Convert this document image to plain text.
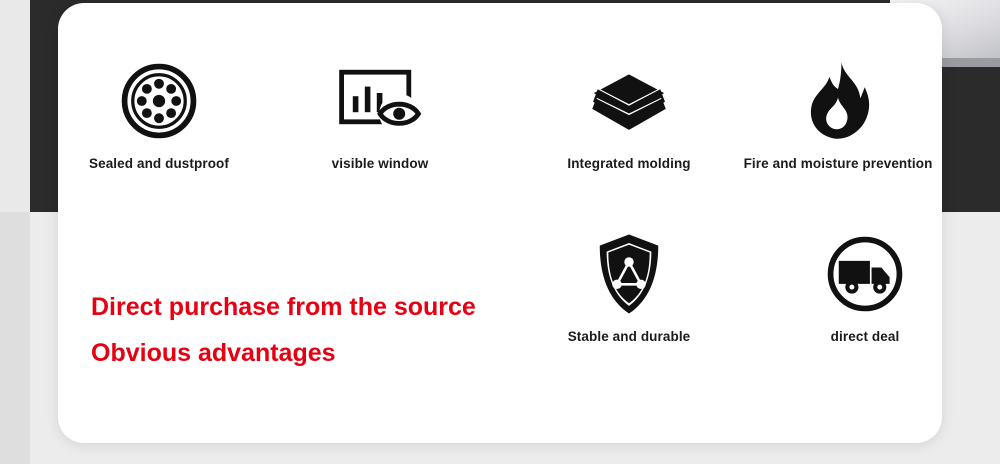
Sealed and dustproof	visible window	Integrated molding	Fire and moisture prevention
Stable and durable	direct deal
Direct purchase from the source
Obvious advantages
